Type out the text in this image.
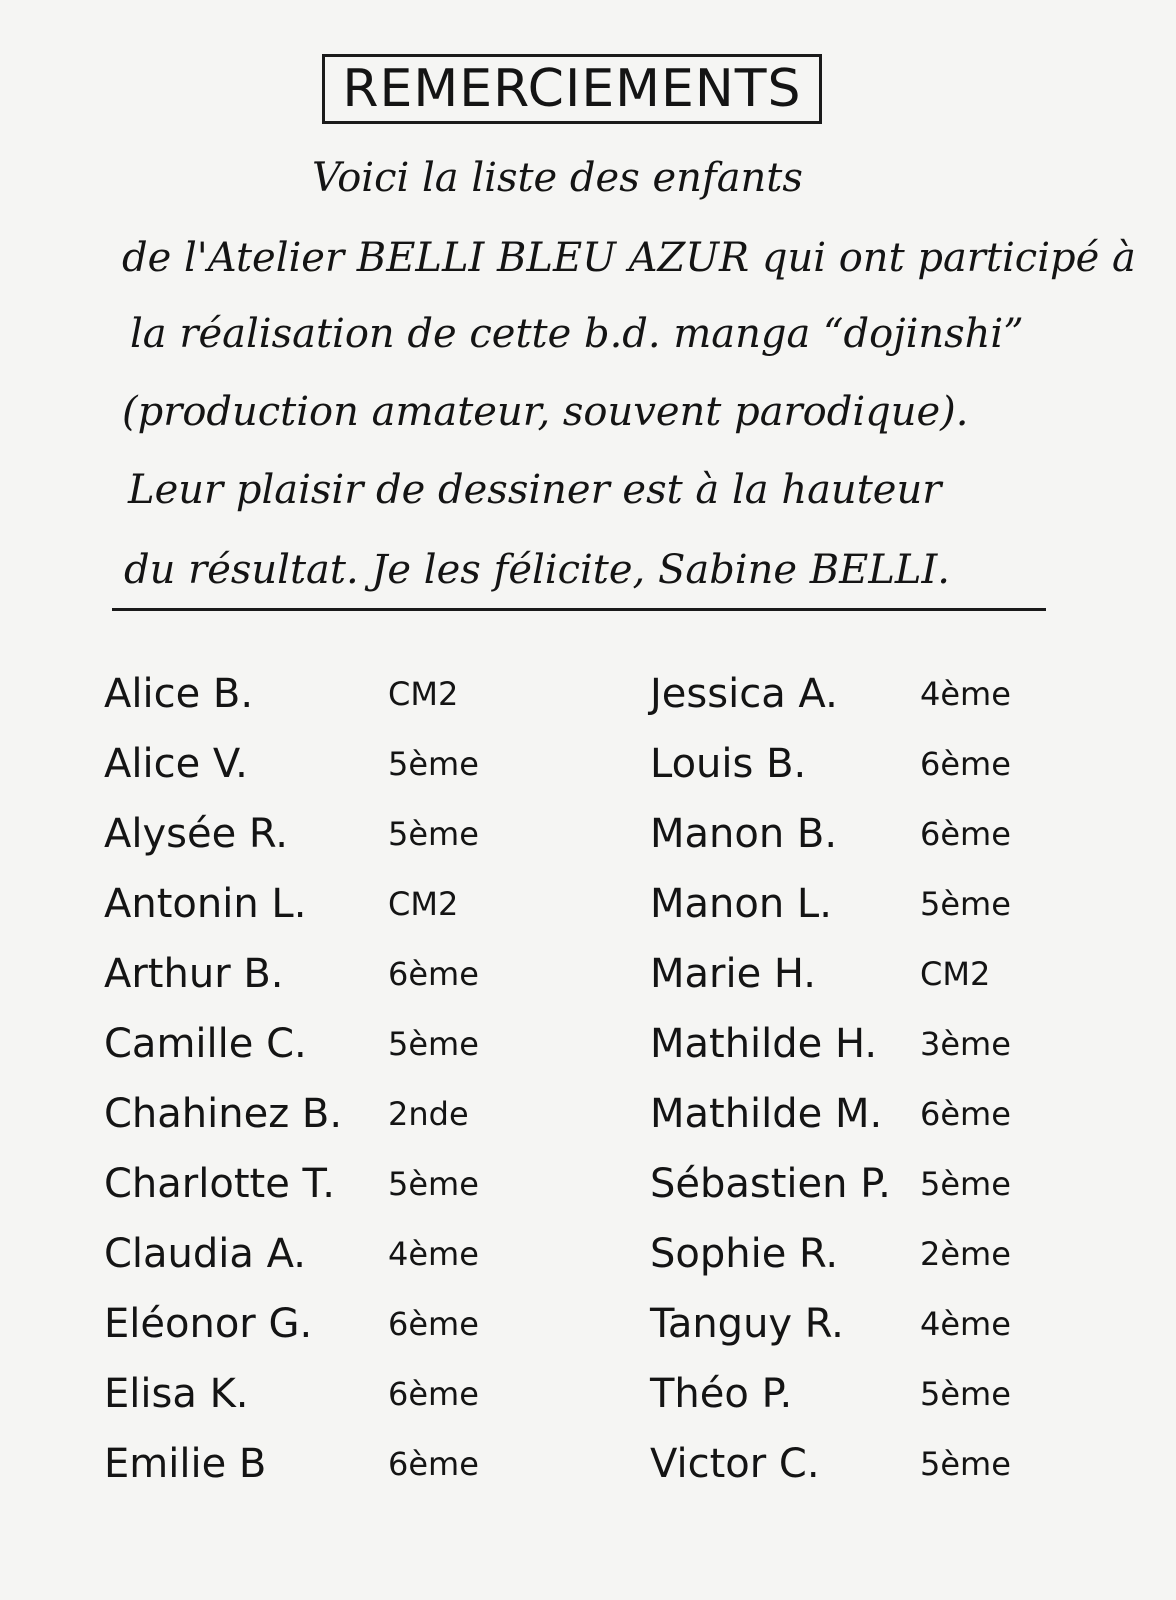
REMERCIEMENTS
Voici la liste des enfants
de l'Atelier BELLI BLEU AZUR qui ont participé à
la réalisation de cette b.d. manga “dojinshi”
(production amateur, souvent parodique).
Leur plaisir de dessiner est à la hauteur
du résultat. Je les félicite, Sabine BELLI.
Alice B.	CM2
Alice V.	5ème
Alysée R.	5ème
Antonin L.	CM2
Arthur B.	6ème
Camille C.	5ème
Chahinez B. 2nde
Charlotte T. 5ème
Claudia A.	4ème
Eléonor G. 6ème
Elisa K.	6ème
Emilie B	6ème
Jessica A.	4ème
Louis B.	6ème
Manon B.	6ème
Manon L.	5ème
Marie H.	CM2
Mathilde H. 3ème
Mathilde M. 6ème
Sébastien P. 5ème
Sophie R.	2ème
Tanguy R. 4ème
Théo P.	5ème
Victor C.	5ème
